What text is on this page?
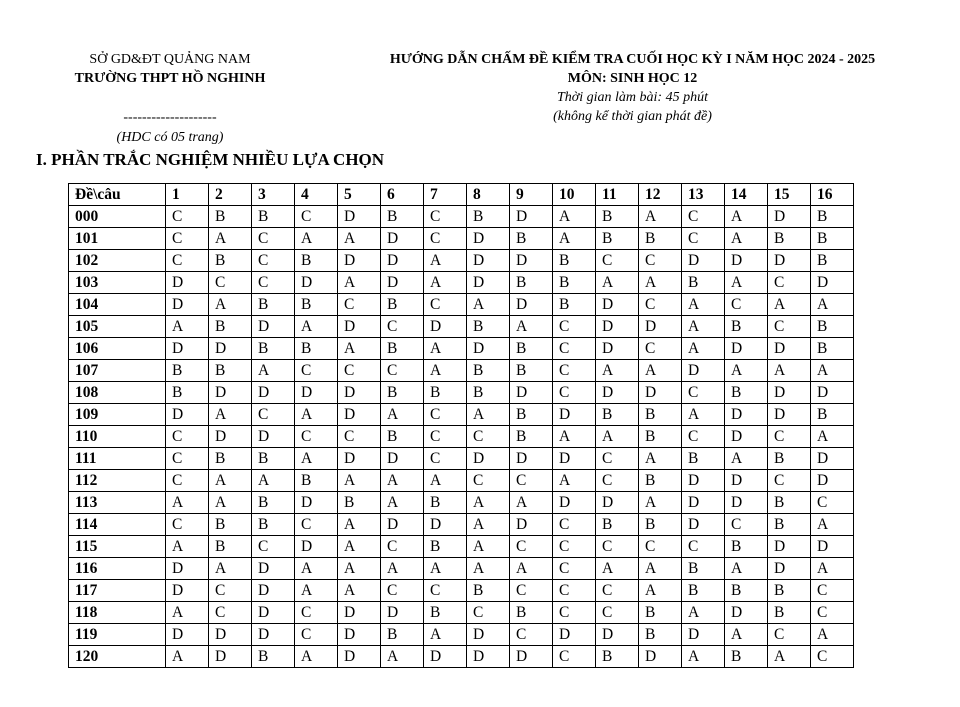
SỞ GD&ĐT QUẢNG NAM
TRƯỜNG THPT HỒ NGHINH
--------------------
(HDC có 05 trang)
HƯỚNG DẪN CHẤM ĐỀ KIỂM TRA CUỐI HỌC KỲ I NĂM HỌC 2024 - 2025
MÔN: SINH HỌC 12
Thời gian làm bài: 45 phút
(không kể thời gian phát đề)
I. PHẦN TRẮC NGHIỆM NHIỀU LỰA CHỌN
Đề\câu	1	2	3	4	5	6	7	8	9	10	11	12	13	14	15	16
000	C	B	B	C	D	B	C	B	D	A	B	A	C	A	D	B
101	C	A	C	A	A	D	C	D	B	A	B	B	C	A	B	B
102	C	B	C	B	D	D	A	D	D	B	C	C	D	D	D	B
103	D	C	C	D	A	D	A	D	B	B	A	A	B	A	C	D
104	D	A	B	B	C	B	C	A	D	B	D	C	A	C	A	A
105	A	B	D	A	D	C	D	B	A	C	D	D	A	B	C	B
106	D	D	B	B	A	B	A	D	B	C	D	C	A	D	D	B
107	B	B	A	C	C	C	A	B	B	C	A	A	D	A	A	A
108	B	D	D	D	D	B	B	B	D	C	D	D	C	B	D	D
109	D	A	C	A	D	A	C	A	B	D	B	B	A	D	D	B
110	C	D	D	C	C	B	C	C	B	A	A	B	C	D	C	A
111	C	B	B	A	D	D	C	D	D	D	C	A	B	A	B	D
112	C	A	A	B	A	A	A	C	C	A	C	B	D	D	C	D
113	A	A	B	D	B	A	B	A	A	D	D	A	D	D	B	C
114	C	B	B	C	A	D	D	A	D	C	B	B	D	C	B	A
115	A	B	C	D	A	C	B	A	C	C	C	C	C	B	D	D
116	D	A	D	A	A	A	A	A	A	C	A	A	B	A	D	A
117	D	C	D	A	A	C	C	B	C	C	C	A	B	B	B	C
118	A	C	D	C	D	D	B	C	B	C	C	B	A	D	B	C
119	D	D	D	C	D	B	A	D	C	D	D	B	D	A	C	A
120	A	D	B	A	D	A	D	D	D	C	B	D	A	B	A	C
